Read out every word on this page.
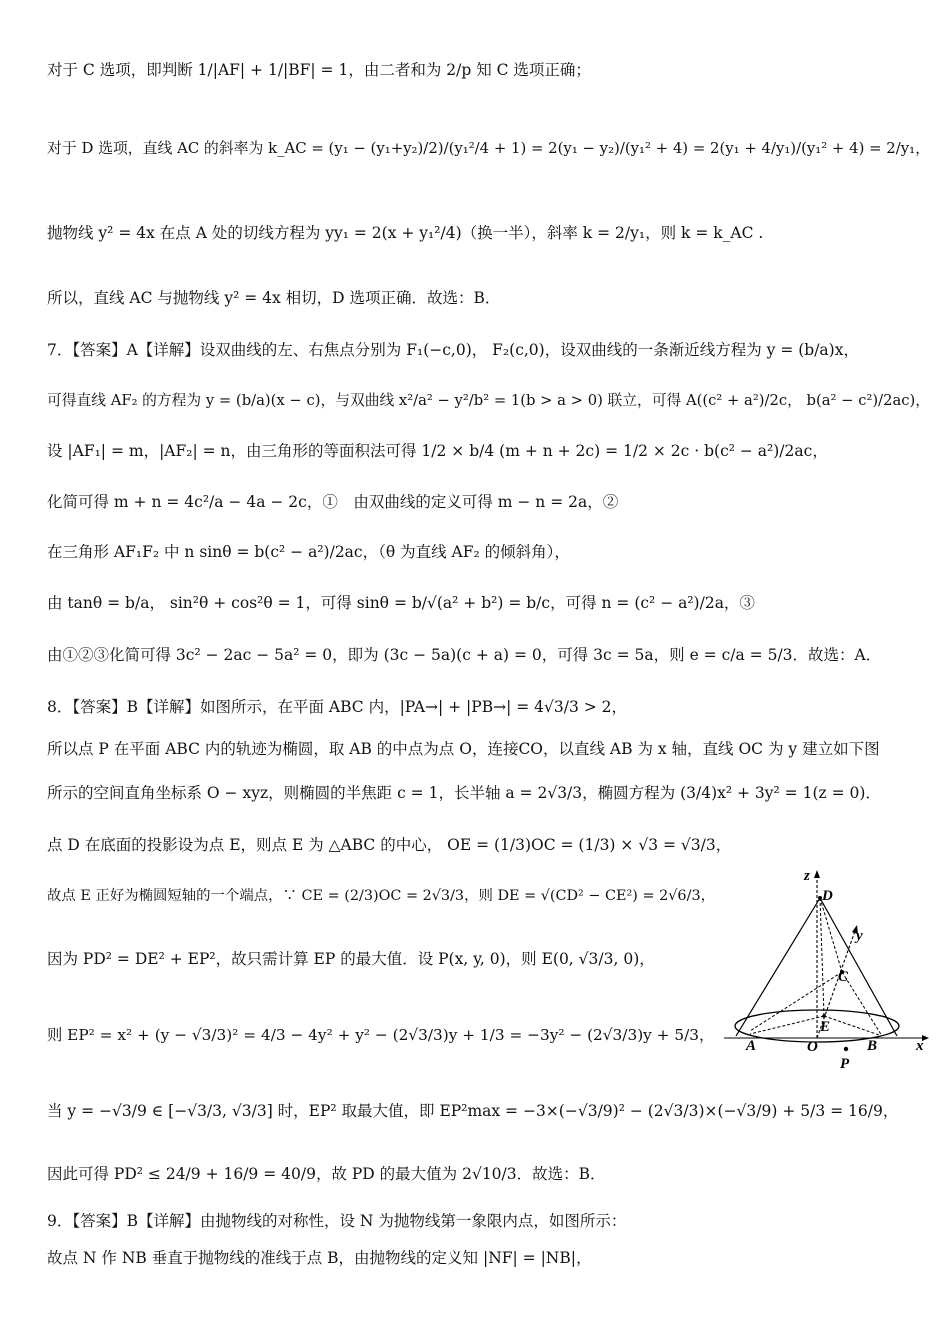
对于 C 选项，即判断 1/|AF| + 1/|BF| = 1，由二者和为 2/p 知 C 选项正确；
对于 D 选项，直线 AC 的斜率为 k_AC = (y₁ − (y₁+y₂)/2)/(y₁²/4 + 1) = 2(y₁ − y₂)/(y₁² + 4) = 2(y₁ + 4/y₁)/(y₁² + 4) = 2/y₁，
抛物线 y² = 4x 在点 A 处的切线方程为 yy₁ = 2(x + y₁²/4)（换一半），斜率 k = 2/y₁，则 k = k_AC .
所以，直线 AC 与抛物线 y² = 4x 相切，D 选项正确．故选：B．
7．【答案】A【详解】设双曲线的左、右焦点分别为 F₁(−c,0)， F₂(c,0)，设双曲线的一条渐近线方程为 y = (b/a)x，
可得直线 AF₂ 的方程为 y = (b/a)(x − c)，与双曲线 x²/a² − y²/b² = 1(b > a > 0) 联立，可得 A((c² + a²)/2c， b(a² − c²)/2ac)，
设 |AF₁| = m，|AF₂| = n，由三角形的等面积法可得 1/2 × b/4 (m + n + 2c) = 1/2 × 2c · b(c² − a²)/2ac，
化简可得 m + n = 4c²/a − 4a − 2c，①　由双曲线的定义可得 m − n = 2a，②
在三角形 AF₁F₂ 中 n sinθ = b(c² − a²)/2ac，（θ 为直线 AF₂ 的倾斜角），
由 tanθ = b/a， sin²θ + cos²θ = 1，可得 sinθ = b/√(a² + b²) = b/c，可得 n = (c² − a²)/2a，③
由①②③化简可得 3c² − 2ac − 5a² = 0，即为 (3c − 5a)(c + a) = 0，可得 3c = 5a，则 e = c/a = 5/3．故选：A．
8．【答案】B【详解】如图所示，在平面 ABC 内，|PA→| + |PB→| = 4√3/3 > 2，
所以点 P 在平面 ABC 内的轨迹为椭圆，取 AB 的中点为点 O，连接CO，以直线 AB 为 x 轴，直线 OC 为 y 建立如下图
所示的空间直角坐标系 O − xyz，则椭圆的半焦距 c = 1，长半轴 a = 2√3/3，椭圆方程为 (3/4)x² + 3y² = 1(z = 0)．
点 D 在底面的投影设为点 E，则点 E 为 △ABC 的中心， OE = (1/3)OC = (1/3) × √3 = √3/3，
故点 E 正好为椭圆短轴的一个端点，∵ CE = (2/3)OC = 2√3/3，则 DE = √(CD² − CE²) = 2√6/3，
因为 PD² = DE² + EP²，故只需计算 EP 的最大值．设 P(x, y, 0)，则 E(0, √3/3, 0)，
则 EP² = x² + (y − √3/3)² = 4/3 − 4y² + y² − (2√3/3)y + 1/3 = −3y² − (2√3/3)y + 5/3，
当 y = −√3/9 ∈ [−√3/3, √3/3] 时，EP² 取最大值，即 EP²max = −3×(−√3/9)² − (2√3/3)×(−√3/9) + 5/3 = 16/9，
因此可得 PD² ≤ 24/9 + 16/9 = 40/9，故 PD 的最大值为 2√10/3．故选：B．
9．【答案】B【详解】由抛物线的对称性，设 N 为抛物线第一象限内点，如图所示：
故点 N 作 NB 垂直于抛物线的准线于点 B，由抛物线的定义知 |NF| = |NB|，
z
D
y
C
E
A	O	B	x
P
